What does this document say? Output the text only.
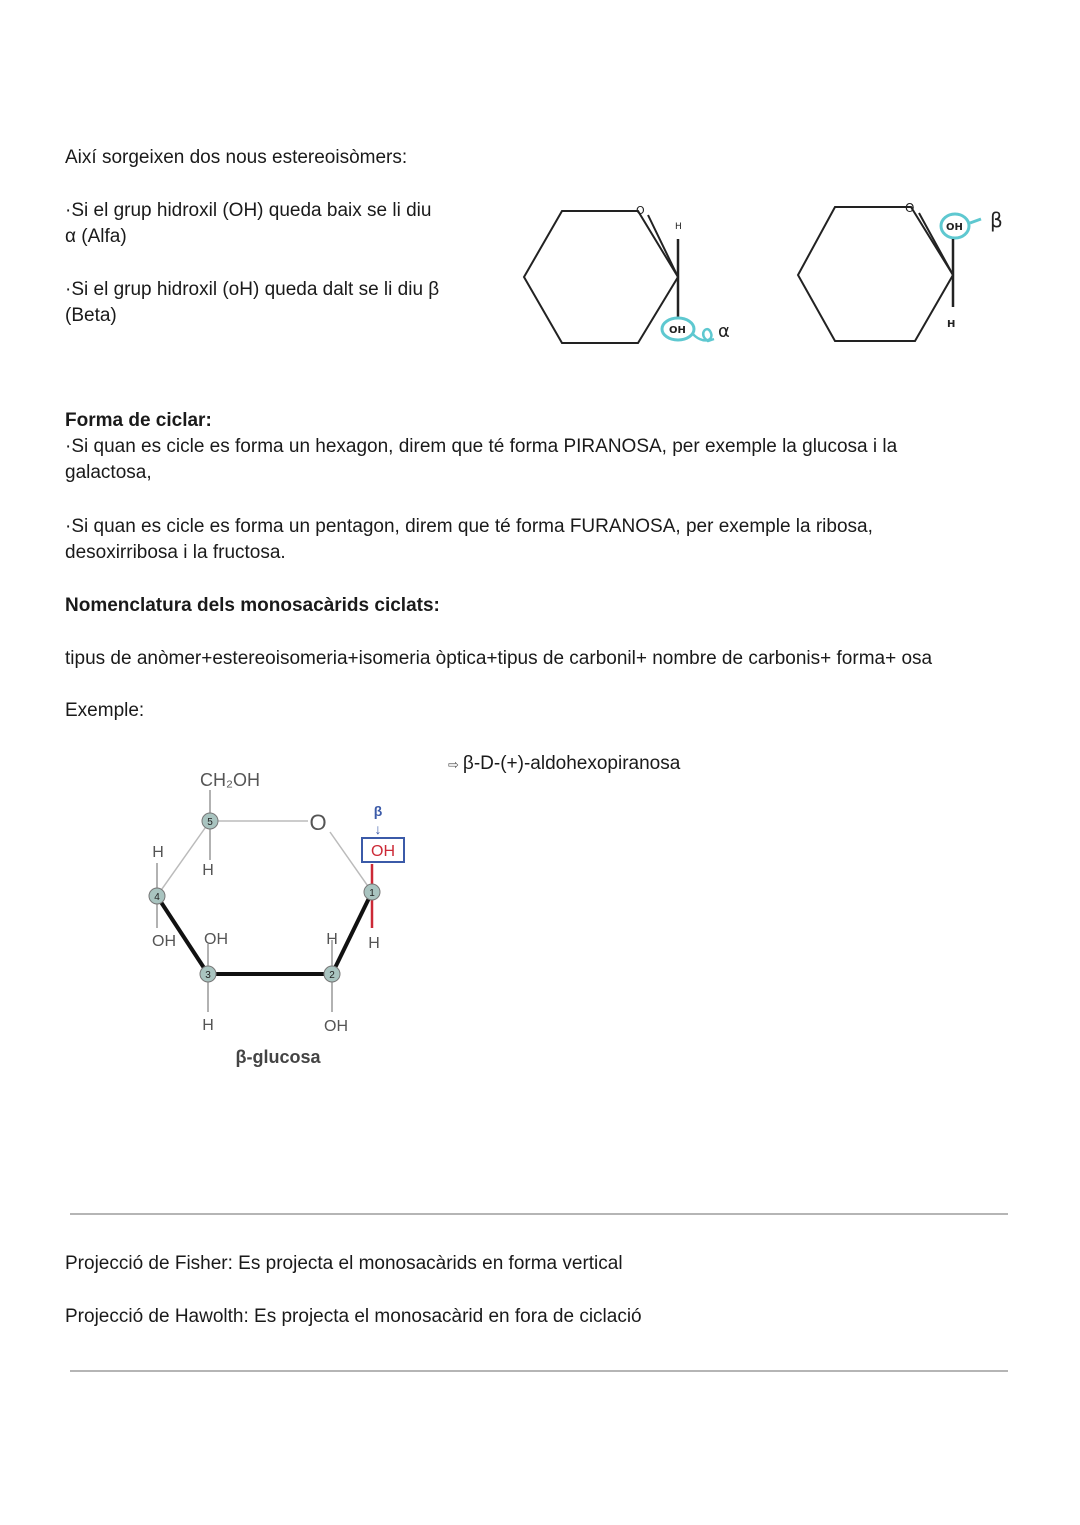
Així sorgeixen dos nous estereoisòmers:
·Si el grup hidroxil (OH) queda baix se li diu
α (Alfa)
·Si el grup hidroxil (oH) queda dalt se li diu β
(Beta)
O
H
OH α
O
OH
H
β
Forma de ciclar:
·Si quan es cicle es forma un hexagon, direm que té forma PIRANOSA, per exemple la glucosa i la
galactosa,
·Si quan es cicle es forma un pentagon, direm que té forma FURANOSA, per exemple la ribosa,
desoxirribosa i la fructosa.
Nomenclatura dels monosacàrids ciclats:
tipus de anòmer+estereoisomeria+isomeria òptica+tipus de carbonil+ nombre de carbonis+ forma+ osa
Exemple:
⇨ β-D-(+)-aldohexopiranosa
5
4
3	2
1
CH₂OH
O
H
H
OH OH
H
H
OH
H
β
↓
OH
β-glucosa
Projecció de Fisher: Es projecta el monosacàrids en forma vertical
Projecció de Hawolth: Es projecta el monosacàrid en fora de ciclació
